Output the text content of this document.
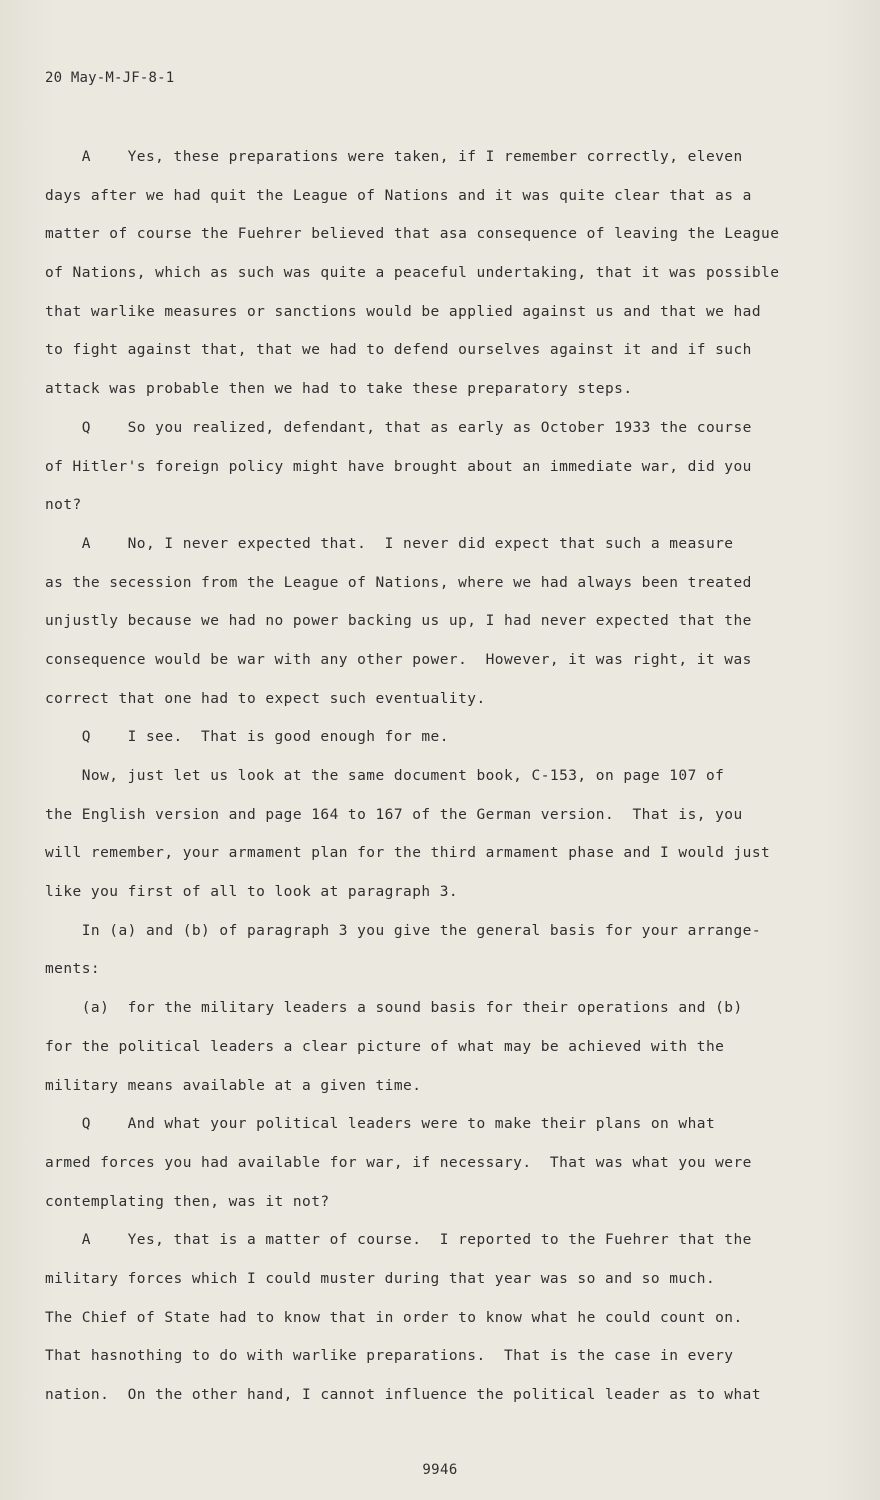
20 May-M-JF-8-1
A    Yes, these preparations were taken, if I remember correctly, eleven
days after we had quit the League of Nations and it was quite clear that as a
matter of course the Fuehrer believed that asa consequence of leaving the League
of Nations, which as such was quite a peaceful undertaking, that it was possible
that warlike measures or sanctions would be applied against us and that we had
to fight against that, that we had to defend ourselves against it and if such
attack was probable then we had to take these preparatory steps.
Q    So you realized, defendant, that as early as October 1933 the course
of Hitler's foreign policy might have brought about an immediate war, did you
not?
A    No, I never expected that.  I never did expect that such a measure
as the secession from the League of Nations, where we had always been treated
unjustly because we had no power backing us up, I had never expected that the
consequence would be war with any other power.  However, it was right, it was
correct that one had to expect such eventuality.
Q    I see.  That is good enough for me.
Now, just let us look at the same document book, C-153, on page 107 of
the English version and page 164 to 167 of the German version.  That is, you
will remember, your armament plan for the third armament phase and I would just
like you first of all to look at paragraph 3.
In (a) and (b) of paragraph 3 you give the general basis for your arrange-
ments:
(a)  for the military leaders a sound basis for their operations and (b)
for the political leaders a clear picture of what may be achieved with the
military means available at a given time.
Q    And what your political leaders were to make their plans on what
armed forces you had available for war, if necessary.  That was what you were
contemplating then, was it not?
A    Yes, that is a matter of course.  I reported to the Fuehrer that the
military forces which I could muster during that year was so and so much.
The Chief of State had to know that in order to know what he could count on.
That hasnothing to do with warlike preparations.  That is the case in every
nation.  On the other hand, I cannot influence the political leader as to what
9946
